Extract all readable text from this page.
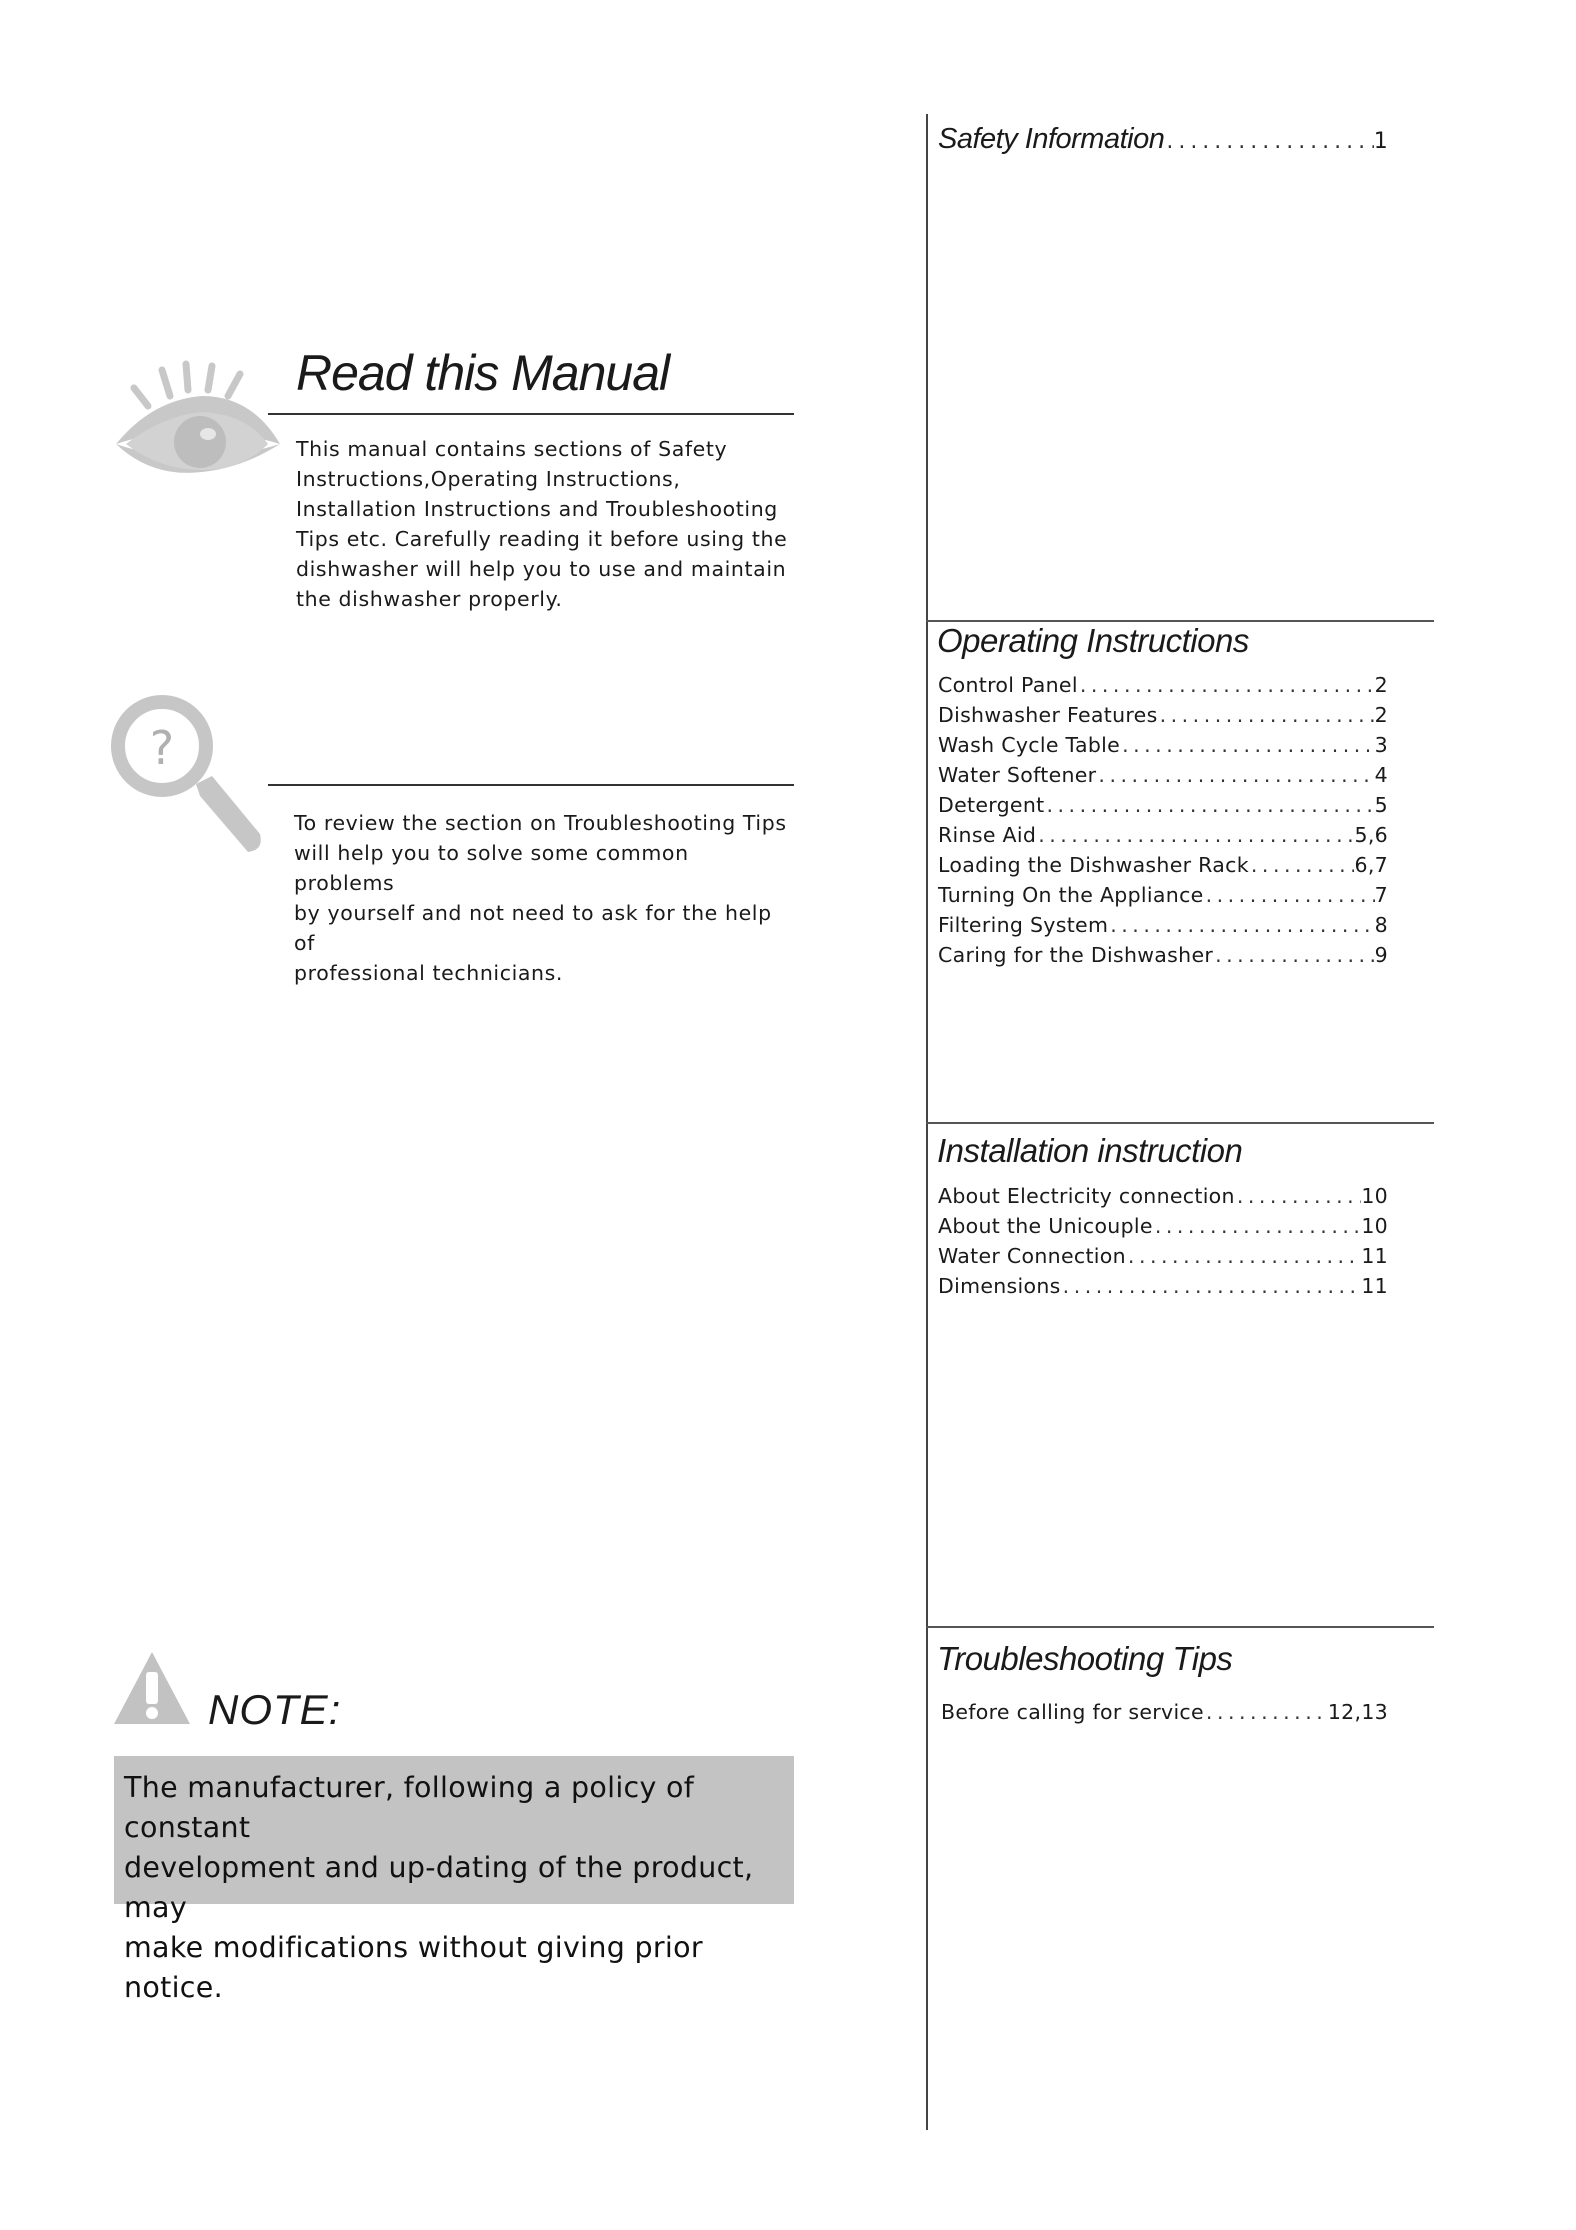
Read this Manual
This manual contains sections of Safety
Instructions,Operating Instructions,
Installation Instructions and Troubleshooting
Tips etc. Carefully reading it before using the
dishwasher will help you to use and maintain
the dishwasher properly.
?
To review the section on Troubleshooting Tips
will help you to solve some common problems
by yourself and not need to ask for the help of
professional technicians.
NOTE:
The manufacturer, following a policy of constant
development and up-dating of the product, may
make modifications without giving prior notice.
Safety Information . . .	1
Operating Instructions
Control Panel . . .	2
Dishwasher Features . . .	2
Wash Cycle Table . . .	3
Water Softener . . .	4
Detergent . . .	5
Rinse Aid . . .	5,6
Loading the Dishwasher Rack . . .	6,7
Turning On the Appliance . . .	7
Filtering System . . .	8
Caring for the Dishwasher . . .	9
Installation instruction
About Electricity connection . . .	10
About the Unicouple . . .	10
Water Connection . . .	11
Dimensions . . .	11
Troubleshooting Tips
Before calling for service . . .	12,13
